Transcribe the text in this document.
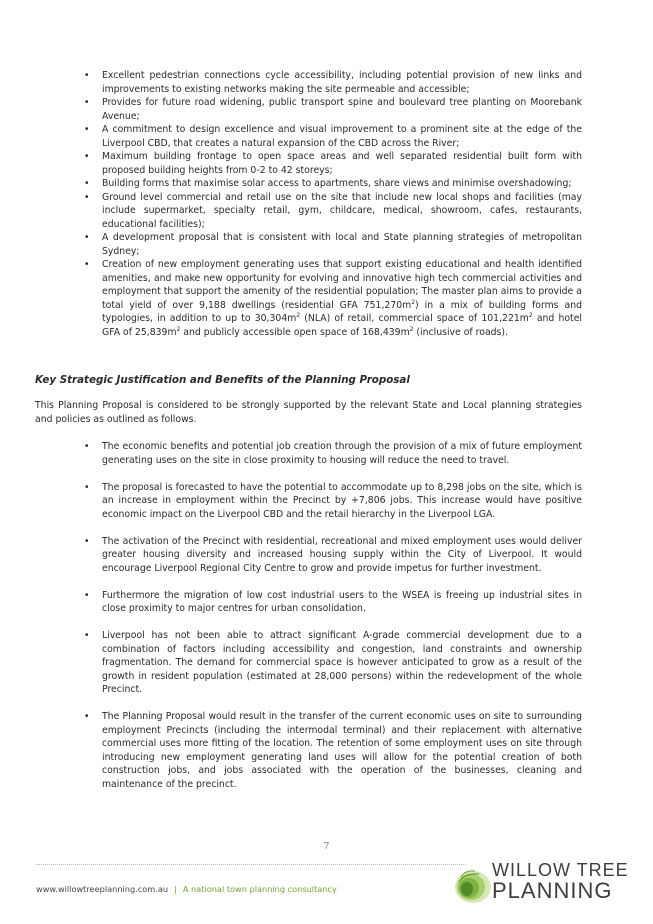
• Excellent pedestrian connections cycle accessibility, including potential provision of new links and improvements to existing networks making the site permeable and accessible;
• Provides for future road widening, public transport spine and boulevard tree planting on Moorebank Avenue;
• A commitment to design excellence and visual improvement to a prominent site at the edge of the Liverpool CBD, that creates a natural expansion of the CBD across the River;
• Maximum building frontage to open space areas and well separated residential built form with proposed building heights from 0-2 to 42 storeys;
• Building forms that maximise solar access to apartments, share views and minimise overshadowing;
• Ground level commercial and retail use on the site that include new local shops and facilities (may include supermarket, specialty retail, gym, childcare, medical, showroom, cafes, restaurants, educational facilities);
• A development proposal that is consistent with local and State planning strategies of metropolitan Sydney;
• Creation of new employment generating uses that support existing educational and health identified amenities, and make new opportunity for evolving and innovative high tech commercial activities and employment that support the amenity of the residential population; The master plan aims to provide a total yield of over 9,188 dwellings (residential GFA $751,270m^2$) in a mix of building forms and typologies, in addition to up to $30,304m^2$ (NLA) of retail, commercial space of $101,221m^2$ and hotel GFA of $25,839m^2$ and publicly accessible open space of $168,439m^2$ (inclusive of roads).
Key Strategic Justification and Benefits of the Planning Proposal

This Planning Proposal is considered to be strongly supported by the relevant State and Local planning strategies and policies as outlined as follows.

• The economic benefits and potential job creation through the provision of a mix of future employment generating uses on the site in close proximity to housing will reduce the need to travel.
• The proposal is forecasted to have the potential to accommodate up to 8,298 jobs on the site, which is an increase in employment within the Precinct by +7,806 jobs. This increase would have positive economic impact on the Liverpool CBD and the retail hierarchy in the Liverpool LGA.
• The activation of the Precinct with residential, recreational and mixed employment uses would deliver greater housing diversity and increased housing supply within the City of Liverpool. It would encourage Liverpool Regional City Centre to grow and provide impetus for further investment.
• Furthermore the migration of low cost industrial users to the WSEA is freeing up industrial sites in close proximity to major centres for urban consolidation.
• Liverpool has not been able to attract significant A-grade commercial development due to a combination of factors including accessibility and congestion, land constraints and ownership fragmentation. The demand for commercial space is however anticipated to grow as a result of the growth in resident population (estimated at 28,000 persons) within the redevelopment of the whole Precinct.
• The Planning Proposal would result in the transfer of the current economic uses on site to surrounding employment Precincts (including the intermodal terminal) and their replacement with alternative commercial uses more fitting of the location. The retention of some employment uses on site through introducing new employment generating land uses will allow for the potential creation of both construction jobs, and jobs associated with the operation of the businesses, cleaning and maintenance of the precinct.
7
www.willowtreeplanning.com.au | A national town planning consultancy
WILLOW TREE
PLANNING
